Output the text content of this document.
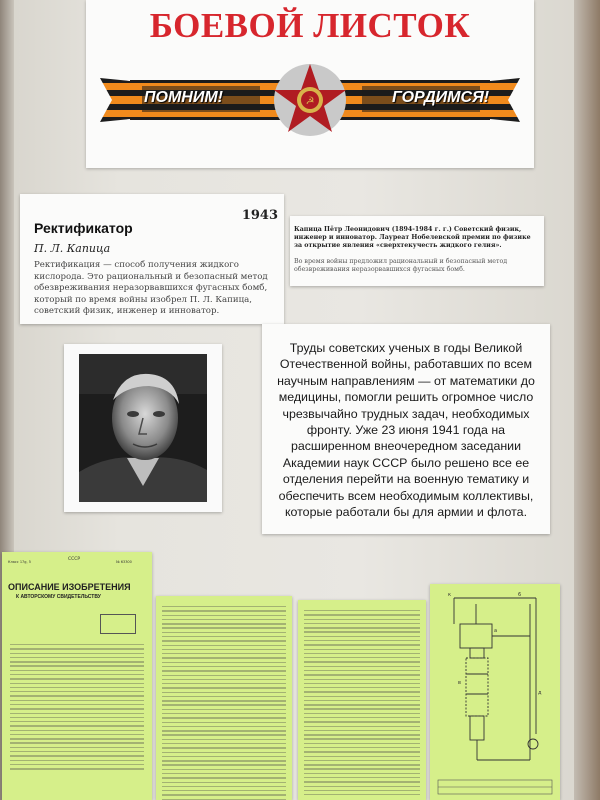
БОЕВОЙ ЛИСТОК
☭
ПОМНИМ!	ГОРДИМСЯ!
1943
Ректификатор
П. Л. Капица
Ректификация — способ получения жидкого кислорода. Это рациональный и безопасный метод обезвреживания неразорвавшихся фугасных бомб, который по время войны изобрел П. Л. Капица, советский физик, инженер и инноватор.
Капица Пётр Леонидович (1894-1984 г. г.) Советский физик, инженер и инноватор. Лауреат Нобелевской премии по физике за открытие явления «сверхтекучесть жидкого гелия».
Во время войны предложил рациональный и безопасный метод обезвреживания неразорвавшихся фугасных бомб.
Труды советских ученых в годы Великой Отечественной войны, работавших по всем научным направлениям — от математики до медицины, помогли решить огромное число чрезвычайно трудных задач, необходимых фронту. Уже 23 июня 1941 года на расширенном внеочередном заседании Академии наук СССР было решено все ее отделения перейти на военную тематику и обеспечить всем необходимым коллективы, которые работали бы для армии и флота.
Класс 17g, 5	СССР	№ 63300
ОПИСАНИЕ ИЗОБРЕТЕНИЯ
К АВТОРСКОМУ СВИДЕТЕЛЬСТВУ	к	6
а
в
д
